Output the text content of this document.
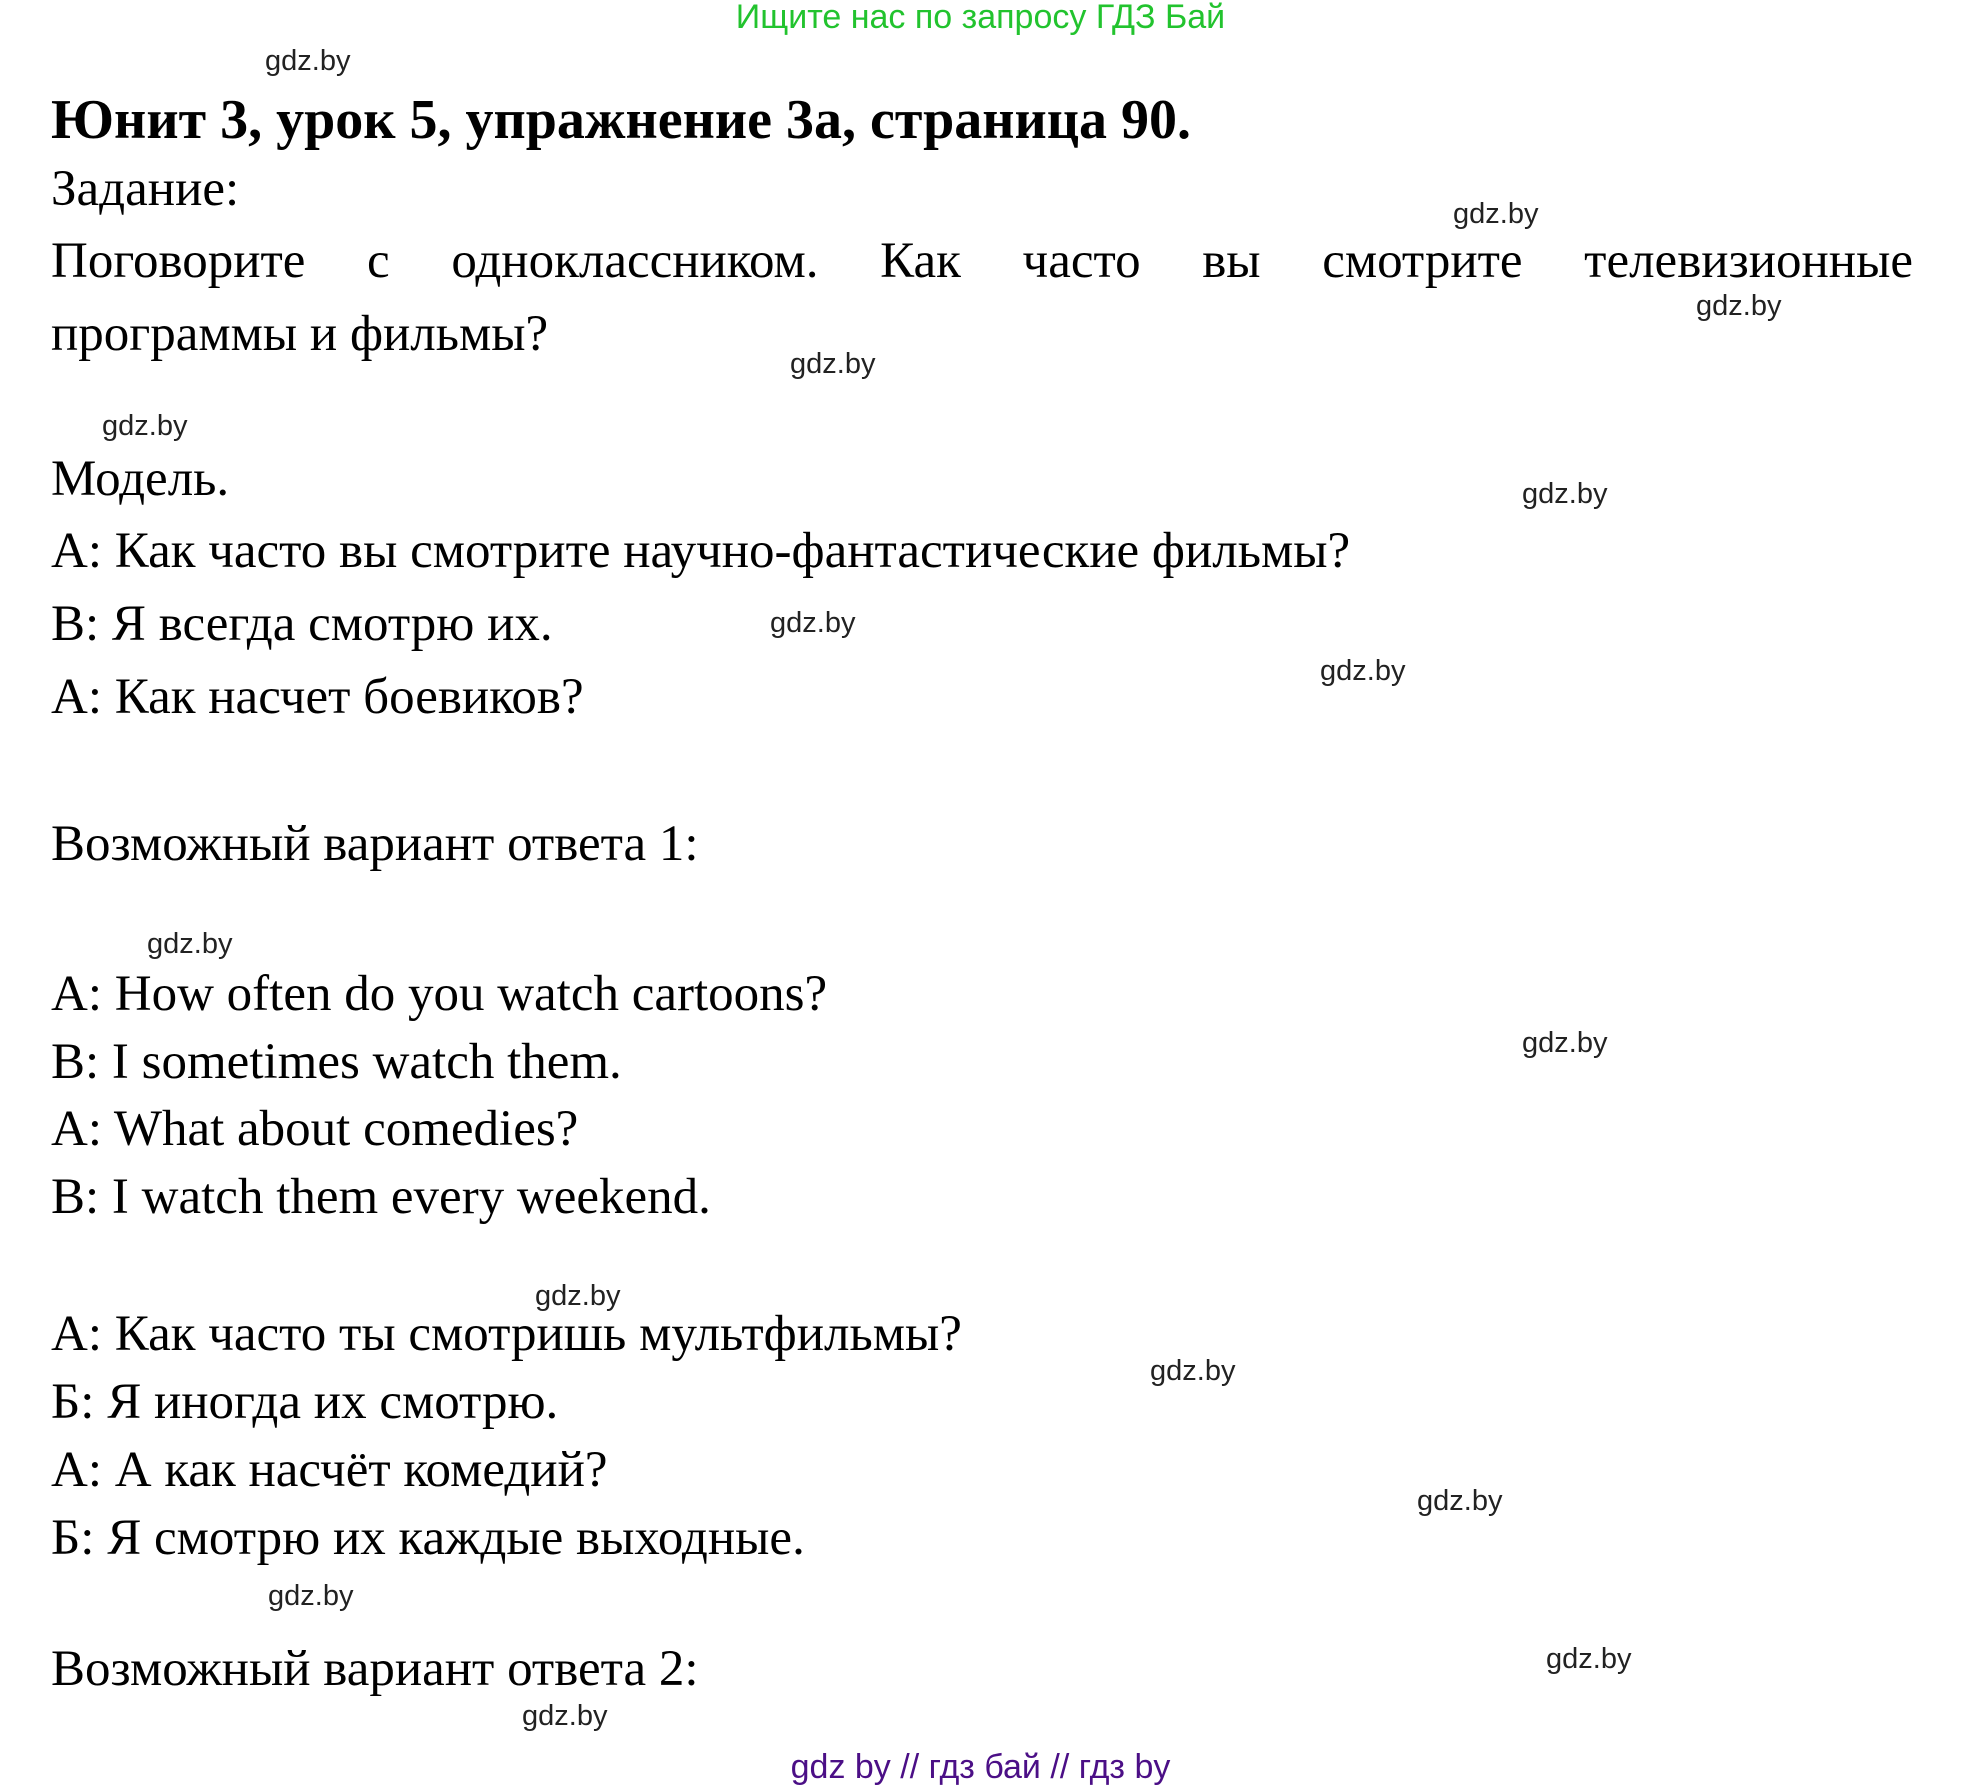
Ищите нас по запросу ГДЗ Бай
Юнит 3, урок 5, упражнение 3а, страница 90.
Задание:
Поговорите с одноклассником. Как часто вы смотрите телевизионные
программы и фильмы?
Модель.
A: Как часто вы смотрите научно-фантастические фильмы?
B: Я всегда смотрю их.
A: Как насчет боевиков?
Возможный вариант ответа 1:
A: How often do you watch cartoons?
B: I sometimes watch them.
A: What about comedies?
B: I watch them every weekend.
А: Как часто ты смотришь мультфильмы?
Б: Я иногда их смотрю.
А: А как насчёт комедий?
Б: Я смотрю их каждые выходные.
Возможный вариант ответа 2:
gdz.by
gdz.by
gdz.by
gdz.by
gdz.by
gdz.by
gdz.by
gdz.by
gdz.by
gdz.by
gdz.by
gdz.by
gdz.by
gdz.by
gdz.by
gdz.by
gdz by // гдз бай // гдз by
